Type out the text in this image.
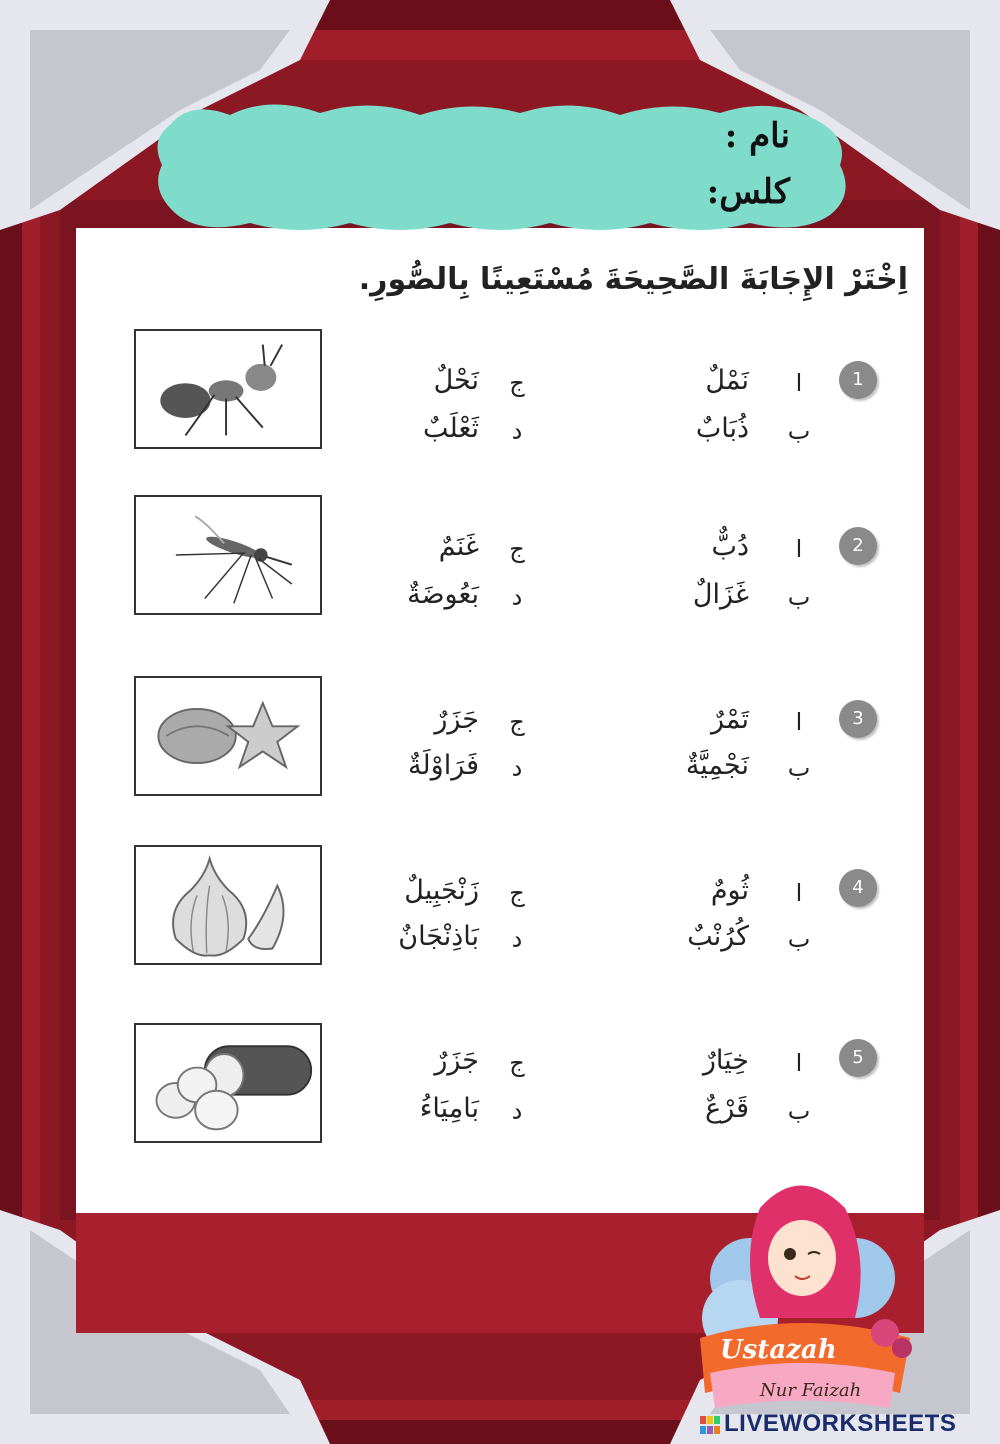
نام :
كلس:
اِخْتَرْ الإِجَابَةَ الصَّحِيحَةَ مُسْتَعِينًا بِالصُّورِ.
نَحْلٌ	ج
ثَعْلَبٌ	د
نَمْلٌ	ا
ذُبَابٌ ب
1
غَنَمٌ	ج
بَعُوضَةٌ	د
دُبٌّ	ا
غَزَالٌ ب
2
جَزَرٌ	ج
فَرَاوْلَةٌ	د
تَمْرٌ	ا
نَجْمِيَّةٌ ب
3
زَنْجَبِيلٌ	ج
بَاذِنْجَانٌ	د
ثُومٌ	ا
كُرُنْبٌ ب
4
جَزَرٌ	ج
بَامِيَاءُ	د
خِيَارٌ	ا
قَرْعٌ ب
5
Ustazah
Nur Faizah
LIVEWORKSHEETS
